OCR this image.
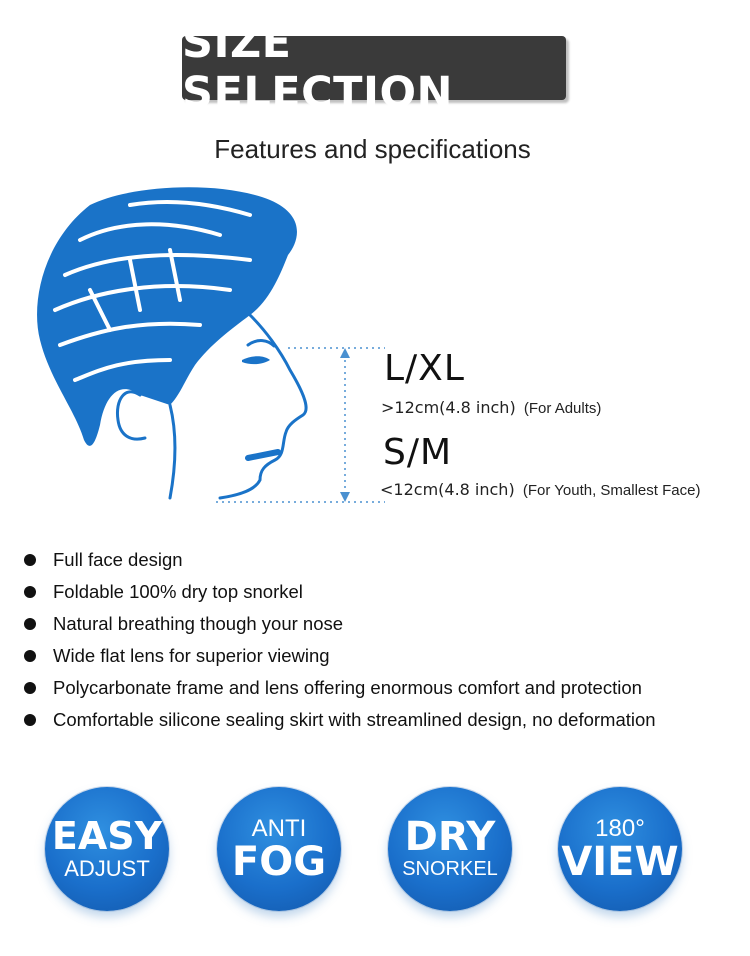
SIZE SELECTION
Features and specifications
L/XL
>12cm(4.8 inch) (For Adults)
S/M
<12cm(4.8 inch) (For Youth, Smallest Face)
Full face design
Foldable 100% dry top snorkel
Natural breathing though your nose
Wide flat lens for superior viewing
Polycarbonate frame and lens offering enormous comfort and protection
Comfortable silicone sealing skirt with streamlined design, no deformation
EASY
ADJUST
ANTI
FOG
DRY
SNORKEL
180°
VIEW
